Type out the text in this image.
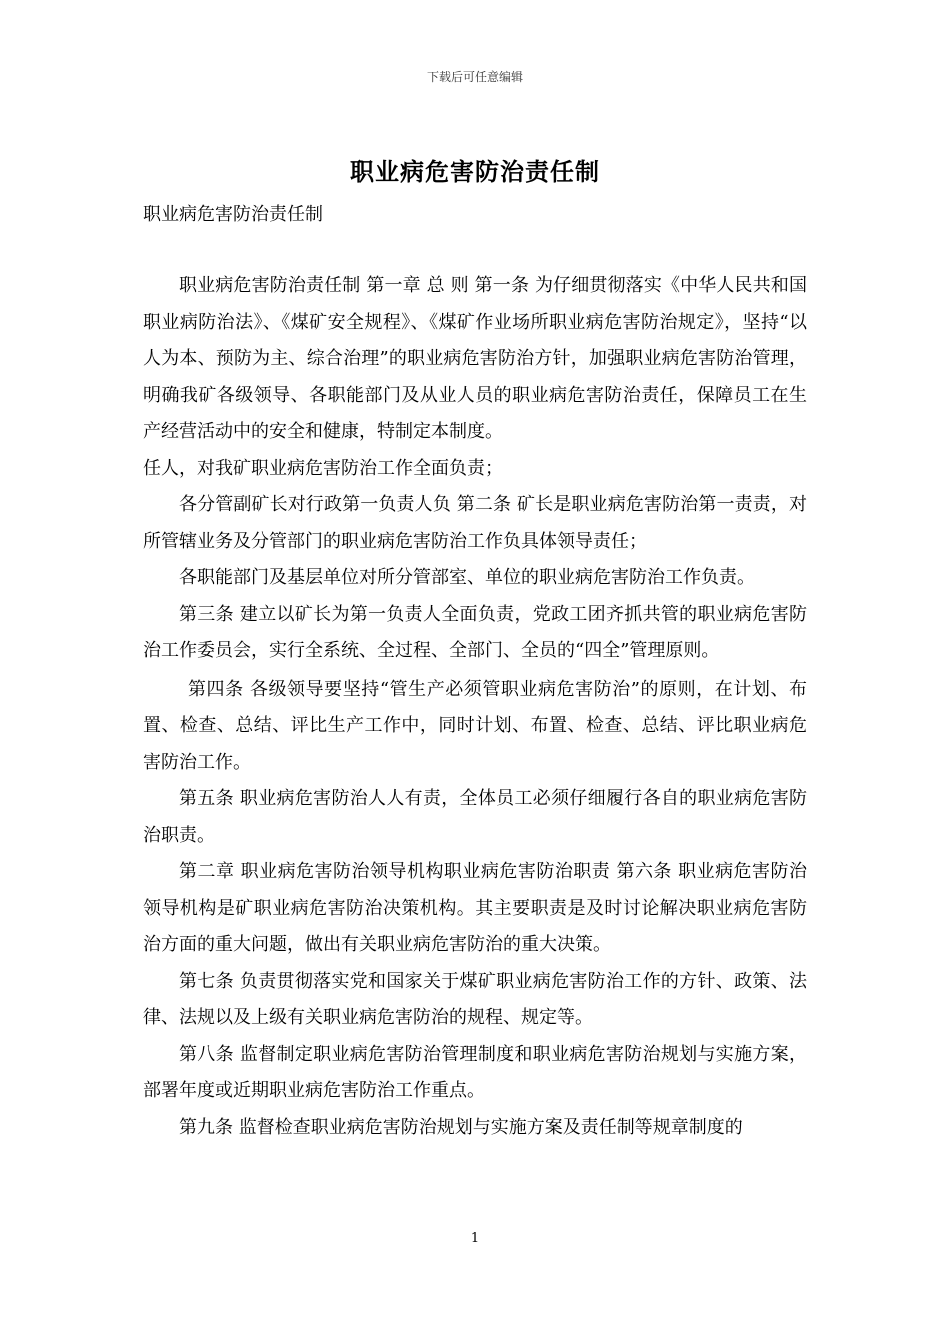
下载后可任意编辑
职业病危害防治责任制
职业病危害防治责任制

职业病危害防治责任制 第一章 总 则 第一条 为仔细贯彻落实《中华人民共和国职业病防治法》、《煤矿安全规程》、《煤矿作业场所职业病危害防治规定》，坚持“以人为本、预防为主、综合治理”的职业病危害防治方针，加强职业病危害防治管理，明确我矿各级领导、各职能部门及从业人员的职业病危害防治责任，保障员工在生产经营活动中的安全和健康，特制定本制度。

任人，对我矿职业病危害防治工作全面负责；

各分管副矿长对行政第一负责人负 第二条 矿长是职业病危害防治第一责责，对所管辖业务及分管部门的职业病危害防治工作负具体领导责任；

各职能部门及基层单位对所分管部室、单位的职业病危害防治工作负责。

第三条 建立以矿长为第一负责人全面负责，党政工团齐抓共管的职业病危害防治工作委员会，实行全系统、全过程、全部门、全员的“四全”管理原则。

第四条 各级领导要坚持“管生产必须管职业病危害防治”的原则，在计划、布置、检查、总结、评比生产工作中，同时计划、布置、检查、总结、评比职业病危害防治工作。

第五条 职业病危害防治人人有责，全体员工必须仔细履行各自的职业病危害防治职责。

第二章 职业病危害防治领导机构职业病危害防治职责 第六条 职业病危害防治领导机构是矿职业病危害防治决策机构。其主要职责是及时讨论解决职业病危害防治方面的重大问题，做出有关职业病危害防治的重大决策。

第七条 负责贯彻落实党和国家关于煤矿职业病危害防治工作的方针、政策、法律、法规以及上级有关职业病危害防治的规程、规定等。

第八条 监督制定职业病危害防治管理制度和职业病危害防治规划与实施方案，部署年度或近期职业病危害防治工作重点。

第九条 监督检查职业病危害防治规划与实施方案及责任制等规章制度的

1
